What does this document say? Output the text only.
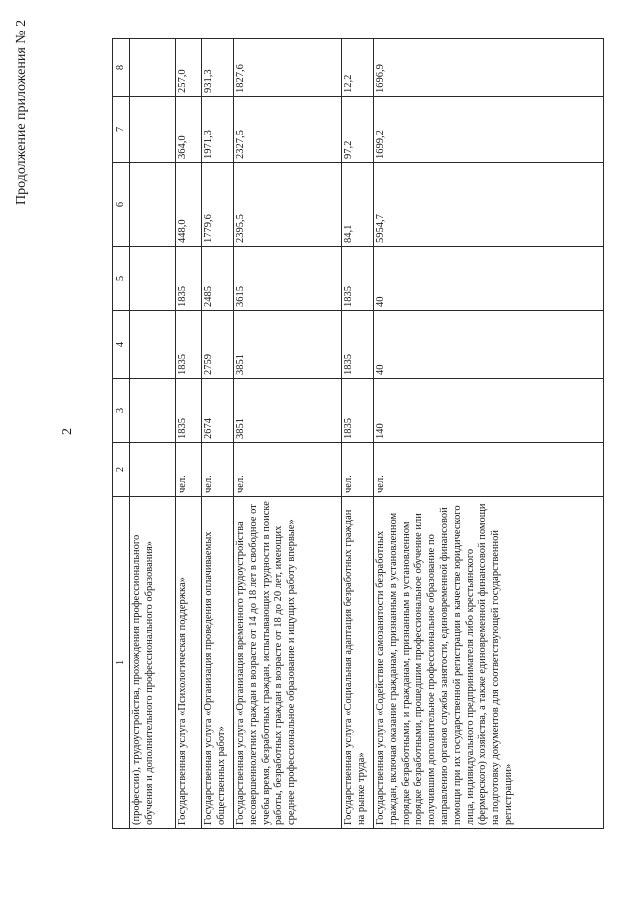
2
Продолжение приложения № 2
1	2	3	4	5	6	7	8
(профессии), трудоустройства, прохождения профессионального обучения и дополнительного профессионального образования»							
Государственная услуга «Психологическая поддержка»	чел.	1835	1835	1835	448,0	364,0	257,0
Государственная услуга «Организация проведения оплачиваемых общественных работ»	чел.	2674	2759	2485	1779,6	1971,3	931,3
Государственная услуга «Организация временного трудоустройства несовершеннолетних граждан в возрасте от 14 до 18 лет в свободное от учебы время, безработных граждан, испытывающих трудности в поиске работы, безработных граждан в возрасте от 18 до 20 лет, имеющих среднее профессиональное образование и ищущих работу впервые»	чел.	3851	3851	3615	2395,5	2327,5	1827,6
Государственная услуга «Социальная адаптация безработных граждан на рынке труда»	чел.	1835	1835	1835	84,1	97,2	12,2
Государственная услуга «Содействие самозанятости безработных граждан, включая оказание гражданам, признанным в установленном порядке безработными, и гражданам, признанным в установленном порядке безработными, прошедшим профессиональное обучение или получившим дополнительное профессиональное образование по направлению органов службы занятости, единовременной финансовой помощи при их государственной регистрации в качестве юридического лица, индивидуального предпринимателя либо крестьянского (фермерского) хозяйства, а также единовременной финансовой помощи на подготовку документов для соответствующей государственной регистрации»	чел.	140	40	40	5954,7	1699,2	1696,9
